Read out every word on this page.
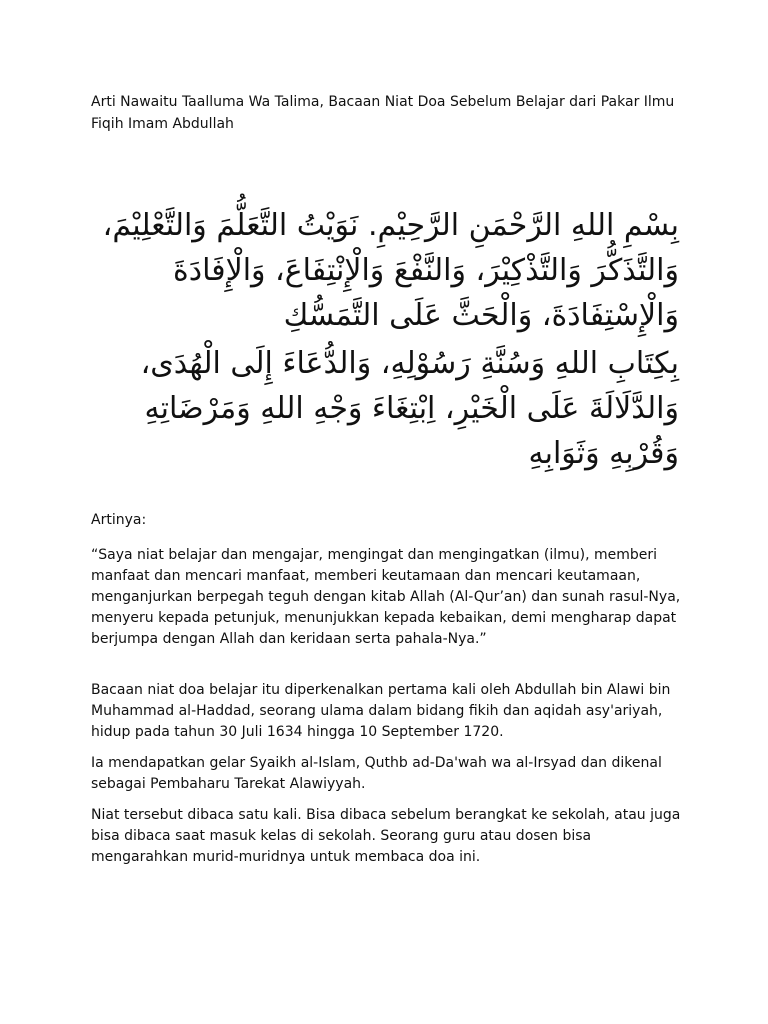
Arti Nawaitu Taalluma Wa Talima, Bacaan Niat Doa Sebelum Belajar dari Pakar Ilmu Fiqih Imam Abdullah

بِسْمِ اللهِ الرَّحْمَنِ الرَّحِيْمِ. نَوَيْتُ التَّعَلُّمَ وَالتَّعْلِيْمَ، وَالتَّذَكُّرَ وَالتَّذْكِيْرَ، وَالنَّفْعَ وَالْإِنْتِفَاعَ، وَالْإِفَادَةَ وَالْإِسْتِفَادَةَ، وَالْحَثَّ عَلَى التَّمَسُّكِ

بِكِتَابِ اللهِ وَسُنَّةِ رَسُوْلِهِ، وَالدُّعَاءَ إِلَى الْهُدَى، وَالدَّلَالَةَ عَلَى الْخَيْرِ، اِبْتِغَاءَ وَجْهِ اللهِ وَمَرْضَاتِهِ وَقُرْبِهِ وَثَوَابِهِ

Artinya:

“Saya niat belajar dan mengajar, mengingat dan mengingatkan (ilmu), memberi manfaat dan mencari manfaat, memberi keutamaan dan mencari keutamaan, menganjurkan berpegah teguh dengan kitab Allah (Al-Qur’an) dan sunah rasul-Nya, menyeru kepada petunjuk, menunjukkan kepada kebaikan, demi mengharap dapat berjumpa dengan Allah dan keridaan serta pahala-Nya.”

Bacaan niat doa belajar itu diperkenalkan pertama kali oleh Abdullah bin Alawi bin Muhammad al-Haddad, seorang ulama dalam bidang fikih dan aqidah asy'ariyah, hidup pada tahun 30 Juli 1634 hingga 10 September 1720.

Ia mendapatkan gelar Syaikh al-Islam, Quthb ad-Da'wah wa al-Irsyad dan dikenal sebagai Pembaharu Tarekat Alawiyyah.

Niat tersebut dibaca satu kali. Bisa dibaca sebelum berangkat ke sekolah, atau juga bisa dibaca saat masuk kelas di sekolah. Seorang guru atau dosen bisa mengarahkan murid-muridnya untuk membaca doa ini.
